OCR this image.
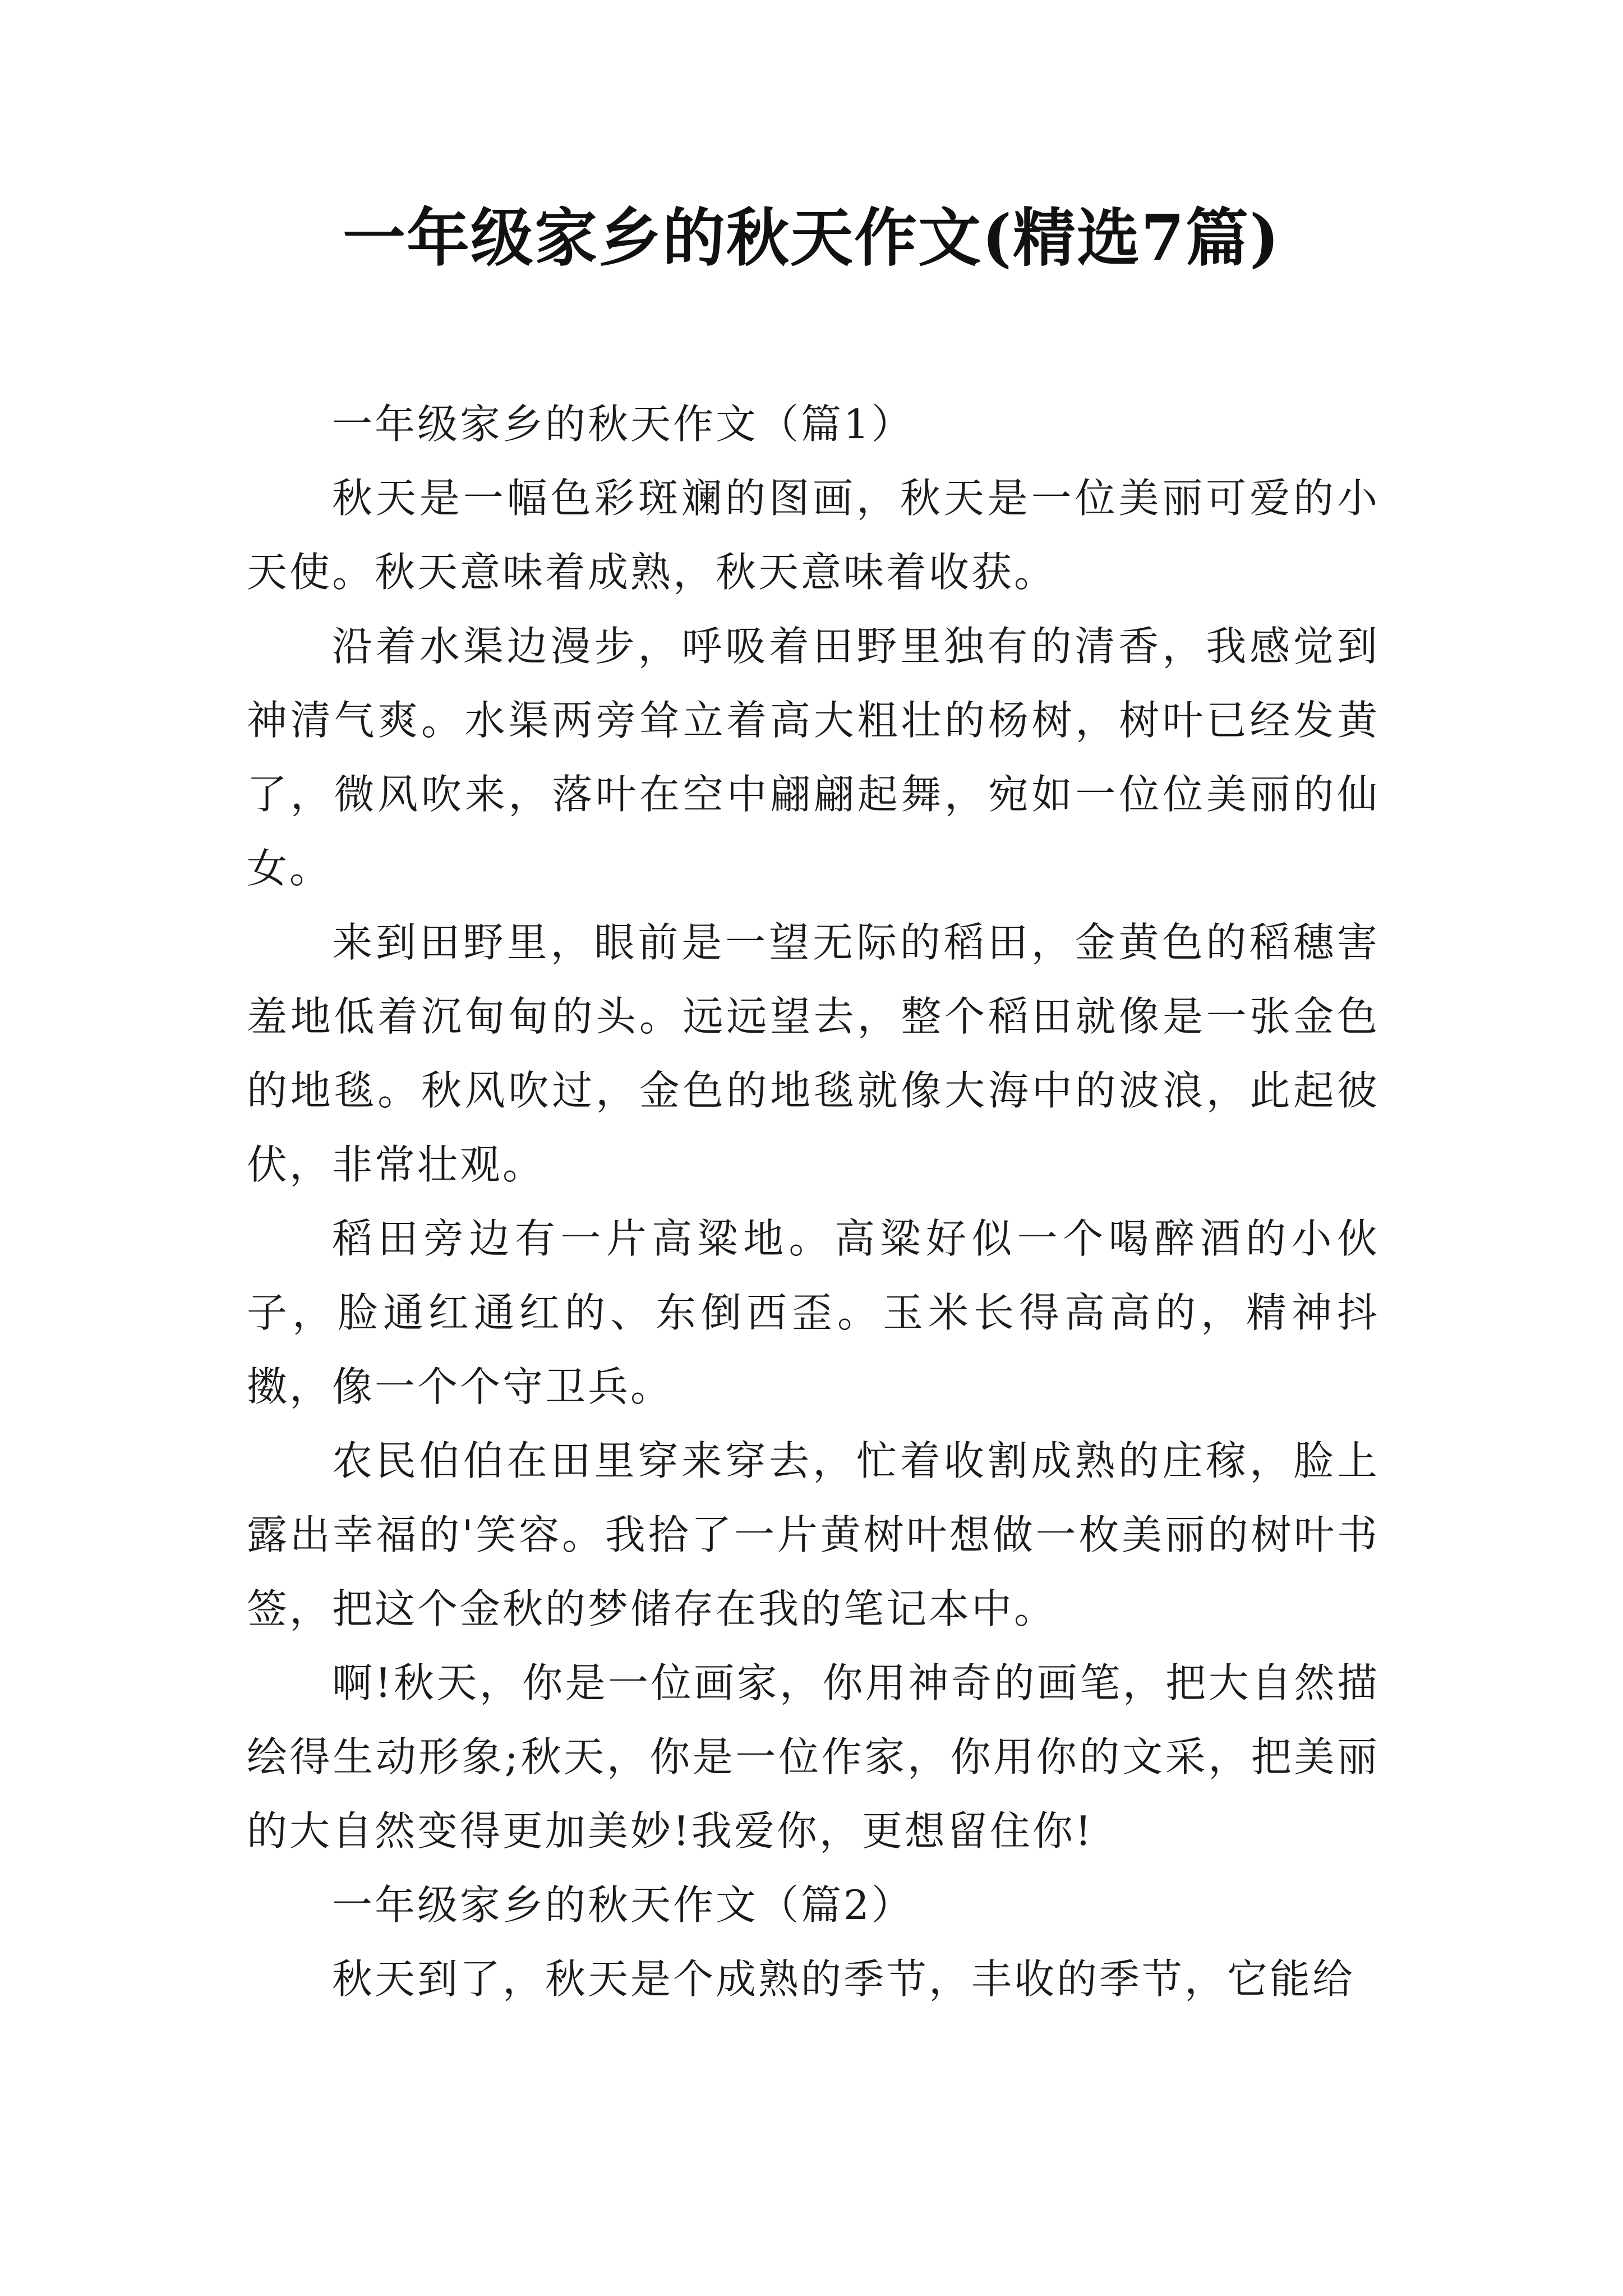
一年级家乡的秋天作文(精选7篇)

一年级家乡的秋天作文（篇1）

秋天是一幅色彩斑斓的图画，秋天是一位美丽可爱的小天使。秋天意味着成熟，秋天意味着收获。

沿着水渠边漫步，呼吸着田野里独有的清香，我感觉到神清气爽。水渠两旁耸立着高大粗壮的杨树，树叶已经发黄了，微风吹来，落叶在空中翩翩起舞，宛如一位位美丽的仙女。

来到田野里，眼前是一望无际的稻田，金黄色的稻穗害羞地低着沉甸甸的头。远远望去，整个稻田就像是一张金色的地毯。秋风吹过，金色的地毯就像大海中的波浪，此起彼伏，非常壮观。

稻田旁边有一片高粱地。高粱好似一个喝醉酒的小伙子，脸通红通红的、东倒西歪。玉米长得高高的，精神抖擞，像一个个守卫兵。

农民伯伯在田里穿来穿去，忙着收割成熟的庄稼，脸上露出幸福的'笑容。我拾了一片黄树叶想做一枚美丽的树叶书签，把这个金秋的梦储存在我的笔记本中。

啊!秋天，你是一位画家，你用神奇的画笔，把大自然描绘得生动形象;秋天，你是一位作家，你用你的文采，把美丽的大自然变得更加美妙!我爱你，更想留住你!

一年级家乡的秋天作文（篇2）

秋天到了，秋天是个成熟的季节，丰收的季节，它能给
